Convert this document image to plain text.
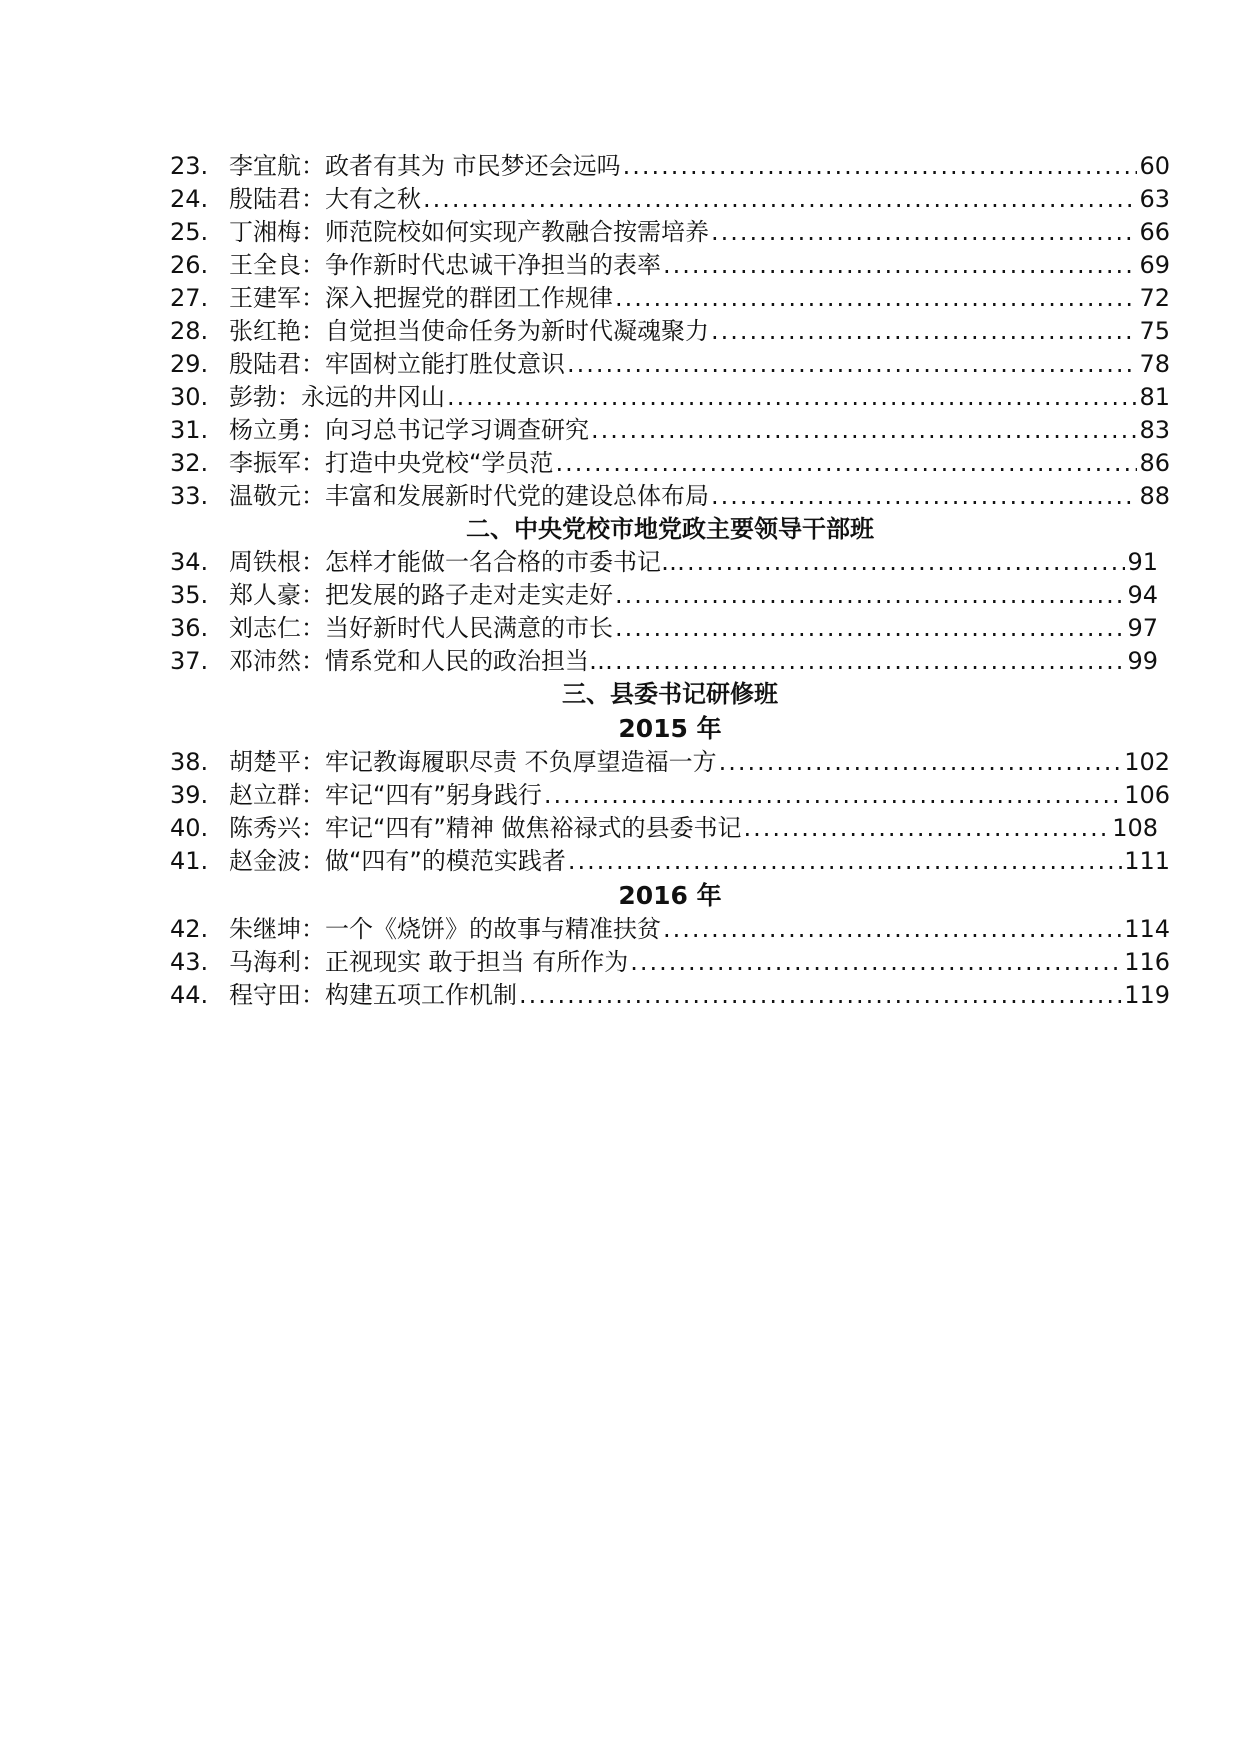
23. 李宜航：政者有其为 市民梦还会远吗 .....	60
24. 殷陆君：大有之秋 .....	63
25. 丁湘梅：师范院校如何实现产教融合按需培养 .....	66
26. 王全良：争作新时代忠诚干净担当的表率 .....	69
27. 王建军：深入把握党的群团工作规律 .....	72
28. 张红艳：自觉担当使命任务为新时代凝魂聚力 .....	75
29. 殷陆君：牢固树立能打胜仗意识 .....	78
30. 彭勃：永远的井冈山 .....	81
31. 杨立勇：向习总书记学习调查研究 .....	83
32. 李振军：打造中央党校“学员范 .....	86
33. 温敬元：丰富和发展新时代党的建设总体布局 .....	88
二、中央党校市地党政主要领导干部班
34. 周铁根：怎样才能做一名合格的市委书记… .....	91
35. 郑人豪：把发展的路子走对走实走好 .....	94
36. 刘志仁：当好新时代人民满意的市长 .....	97
37. 邓沛然：情系党和人民的政治担当… .....	99
三、县委书记研修班
2015 年
38. 胡楚平：牢记教诲履职尽责 不负厚望造福一方 .....	102
39. 赵立群：牢记“四有”躬身践行 .....	106
40. 陈秀兴：牢记“四有”精神 做焦裕禄式的县委书记 .....	108
41. 赵金波：做“四有”的模范实践者 .....	111
2016 年
42. 朱继坤：一个《烧饼》的故事与精准扶贫 .....	114
43. 马海利：正视现实 敢于担当 有所作为 .....	116
44. 程守田：构建五项工作机制 .....	119
